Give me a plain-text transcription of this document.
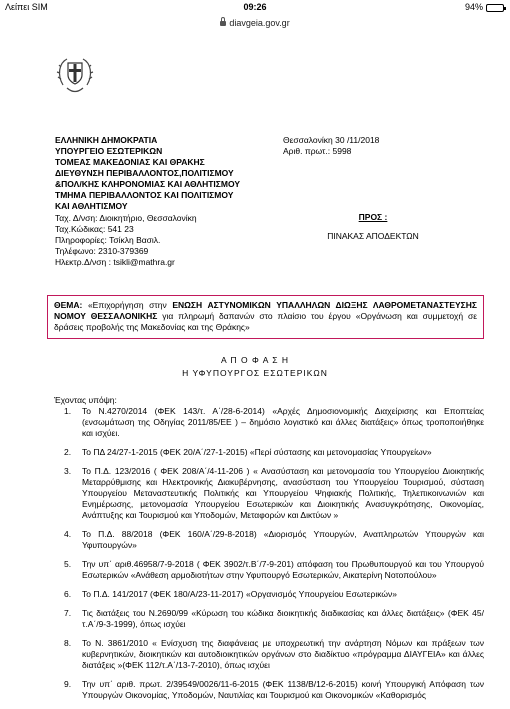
Λείπει SIM	09:26	94%
diavgeia.gov.gr
ΕΛΛΗΝΙΚΗ ΔΗΜΟΚΡΑΤΙΑ
ΥΠΟΥΡΓΕΙΟ ΕΣΩΤΕΡΙΚΩΝ
ΤΟΜΕΑΣ ΜΑΚΕΔΟΝΙΑΣ ΚΑΙ ΘΡΑΚΗΣ
ΔΙΕΥΘΥΝΣΗ ΠΕΡΙΒΑΛΛΟΝΤΟΣ,ΠΟΛΙΤΙΣΜΟΥ
&ΠΟΛ/ΚΗΣ ΚΛΗΡΟΝΟΜΙΑΣ ΚΑΙ ΑΘΛΗΤΙΣΜΟΥ
ΤΜΗΜΑ ΠΕΡΙΒΑΛΛΟΝΤΟΣ ΚΑΙ ΠΟΛΙΤΙΣΜΟΥ
ΚΑΙ ΑΘΛΗΤΙΣΜΟΥ
Ταχ. Δ/νση: Διοικητήριο, Θεσσαλονίκη
Ταχ.Κώδικας: 541 23
Πληροφορίες: Τσίκλη Βασιλ.
Τηλέφωνο: 2310-379369
Ηλεκτρ.Δ/νση : tsikli@mathra.gr
Θεσσαλονίκη 30 /11/2018
Αριθ. πρωτ.: 5998
ΠΡΟΣ :
ΠΙΝΑΚΑΣ ΑΠΟΔΕΚΤΩΝ
ΘΕΜΑ: «Επιχορήγηση στην ΕΝΩΣΗ ΑΣΤΥΝΟΜΙΚΩΝ ΥΠΑΛΛΗΛΩΝ ΔΙΩΞΗΣ ΛΑΘΡΟΜΕΤΑΝΑΣΤΕΥΣΗΣ ΝΟΜΟΥ ΘΕΣΣΑΛΟΝΙΚΗΣ για πληρωμή δαπανών στο πλαίσιο του έργου «Οργάνωση και συμμετοχή σε δράσεις προβολής της Μακεδονίας και της Θράκης»
Α Π Ο Φ Α Σ Η
Η ΥΦΥΠΟΥΡΓΟΣ ΕΣΩΤΕΡΙΚΩΝ
Έχοντας υπόψη:
1.	Το Ν.4270/2014 (ΦΕΚ 143/τ. Α΄/28-6-2014) «Αρχές Δημοσιονομικής Διαχείρισης και Εποπτείας (ενσωμάτωση της Οδηγίας 2011/85/ΕΕ ) – δημόσιο λογιστικό και άλλες διατάξεις» όπως τροποποιήθηκε και ισχύει.
2.	Το ΠΔ 24/27-1-2015 (ΦΕΚ 20/Α΄/27-1-2015) «Περί σύστασης και μετονομασίας Υπουργείων»
3.	Το Π.Δ. 123/2016 ( ΦΕΚ 208/Α΄/4-11-206 ) « Ανασύσταση και μετονομασία του Υπουργείου Διοικητικής Μεταρρύθμισης και Ηλεκτρονικής Διακυβέρνησης, ανασύσταση του Υπουργείου Τουρισμού, σύσταση Υπουργείου Μεταναστευτικής Πολιτικής και Υπουργείου Ψηφιακής Πολιτικής, Τηλεπικοινωνιών και Ενημέρωσης, μετονομασία Υπουργείου Εσωτερικών και Διοικητικής Ανασυγκρότησης, Οικονομίας, Ανάπτυξης και Τουρισμού και Υποδομών, Μεταφορών και Δικτύων »
4.	Το Π.Δ. 88/2018 (ΦΕΚ 160/Α΄/29-8-2018) «Διορισμός Υπουργών, Αναπληρωτών Υπουργών και Υφυπουργών»
5.	Την υπ΄ αριθ.46958/7-9-2018 ( ΦΕΚ 3902/τ.Β΄/7-9-201) απόφαση του Πρωθυπουργού και του Υπουργού Εσωτερικών «Ανάθεση αρμοδιοτήτων στην Υφυπουργό Εσωτερικών, Αικατερίνη Νοτοπούλου»
6.	Το Π.Δ. 141/2017 (ΦΕΚ 180/Α/23-11-2017) «Οργανισμός Υπουργείου Εσωτερικών»
7.	Τις διατάξεις του Ν.2690/99 «Κύρωση του κώδικα διοικητικής διαδικασίας και άλλες διατάξεις» (ΦΕΚ 45/τ.Α΄/9-3-1999), όπως ισχύει
8.	Το Ν. 3861/2010 « Ενίσχυση της διαφάνειας με υποχρεωτική την ανάρτηση Νόμων και πράξεων των κυβερνητικών, διοικητικών και αυτοδιοικητικών οργάνων στο διαδίκτυο «πρόγραμμα ΔΙΑΥΓΕΙΑ» και άλλες διατάξεις »(ΦΕΚ 112/τ.Α΄/13-7-2010), όπως ισχύει
9.	Την υπ΄ αριθ. πρωτ. 2/39549/0026/11-6-2015 (ΦΕΚ 1138/Β/12-6-2015) κοινή Υπουργική Απόφαση των Υπουργών Οικονομίας, Υποδομών, Ναυτιλίας και Τουρισμού και Οικονομικών «Καθορισμός
